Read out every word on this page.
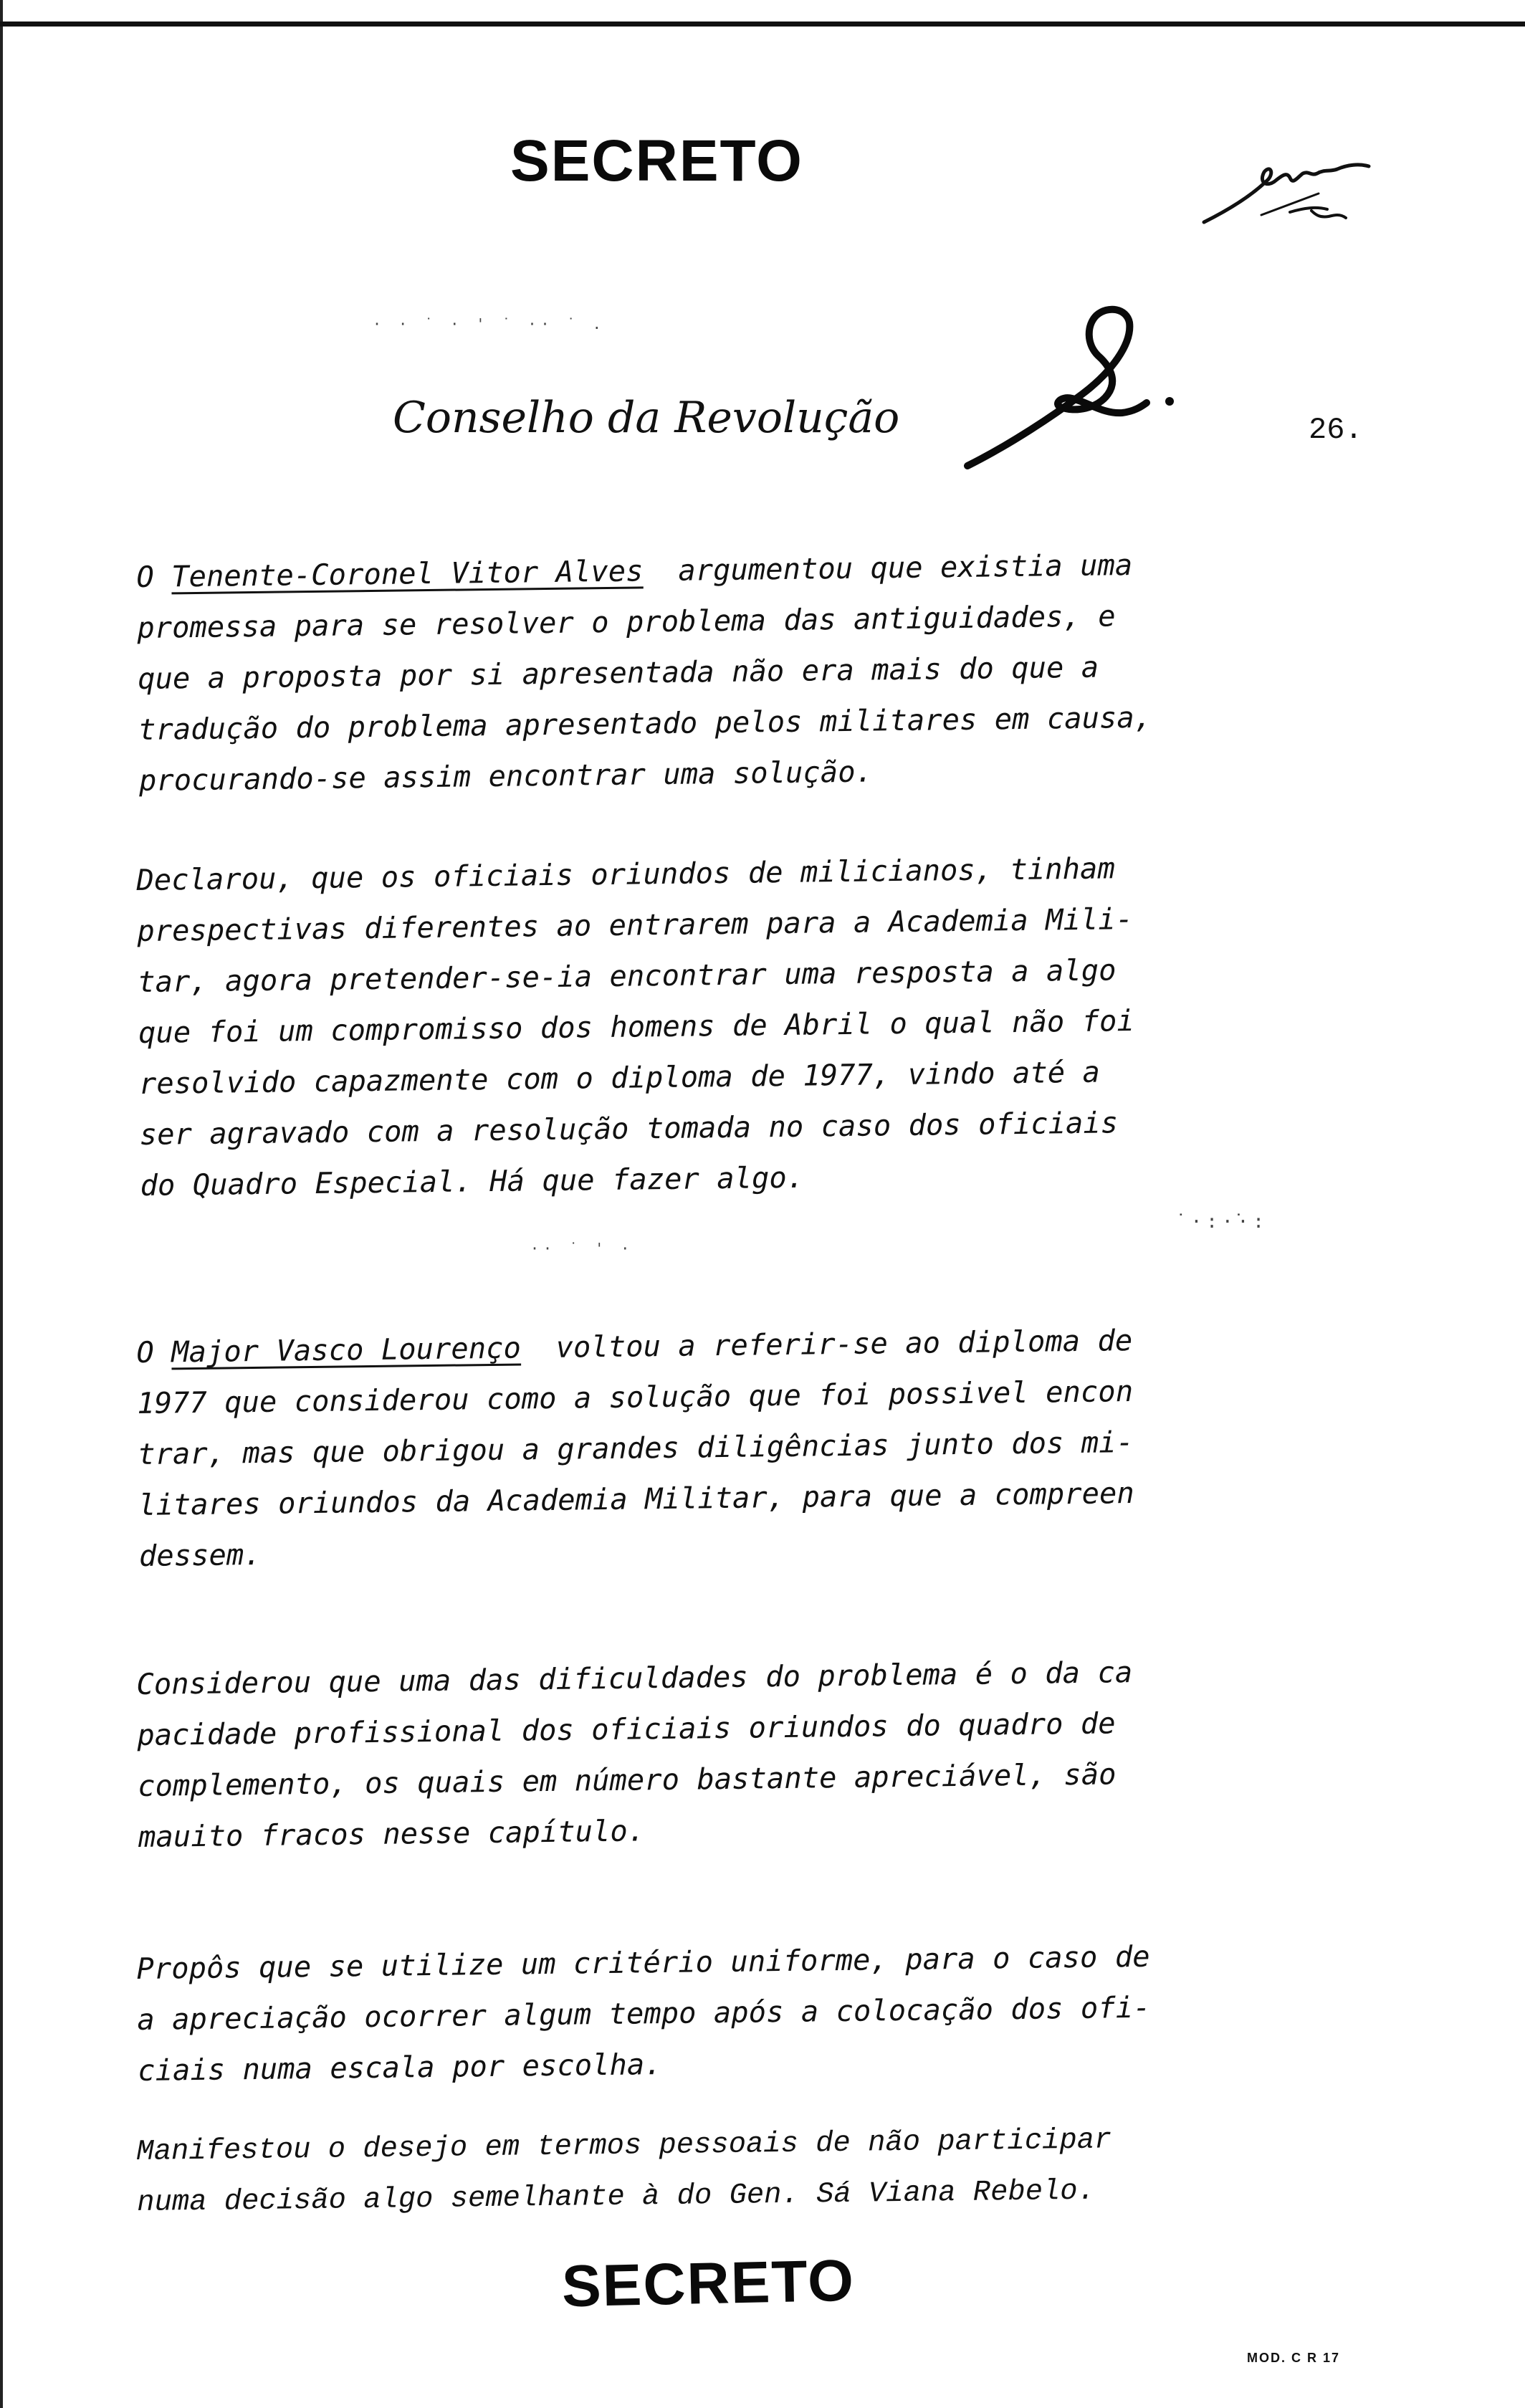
SECRETO
· · ˙ · ' ˙ ·· ˙ .
Conselho da Revolução	26.
O Tenente-Coronel Vitor Alves argumentou que existia uma
promessa para se resolver o problema das antiguidades, e
que a proposta por si apresentada não era mais do que a
tradução do problema apresentado pelos militares em causa,
procurando-se assim encontrar uma solução.
Declarou, que os oficiais oriundos de milicianos, tinham
prespectivas diferentes ao entrarem para a Academia Mili-
tar, agora pretender-se-ia encontrar uma resposta a algo
que foi um compromisso dos homens de Abril o qual não foi
resolvido capazmente com o diploma de 1977, vindo até a
ser agravado com a resolução tomada no caso dos oficiais
do Quadro Especial. Há que fazer algo.
˙·:·̇·:
·· ˙ ' ·
O Major Vasco Lourenço voltou a referir-se ao diploma de
1977 que considerou como a solução que foi possivel encon
trar, mas que obrigou a grandes diligências junto dos mi-
litares oriundos da Academia Militar, para que a compreen
dessem.
Considerou que uma das dificuldades do problema é o da ca
pacidade profissional dos oficiais oriundos do quadro de
complemento, os quais em número bastante apreciável, são
mauito fracos nesse capítulo.
Propôs que se utilize um critério uniforme, para o caso de
a apreciação ocorrer algum tempo após a colocação dos ofi-
ciais numa escala por escolha.
Manifestou o desejo em termos pessoais de não participar
numa decisão algo semelhante à do Gen. Sá Viana Rebelo.
SECRETO
MOD. C R 17
